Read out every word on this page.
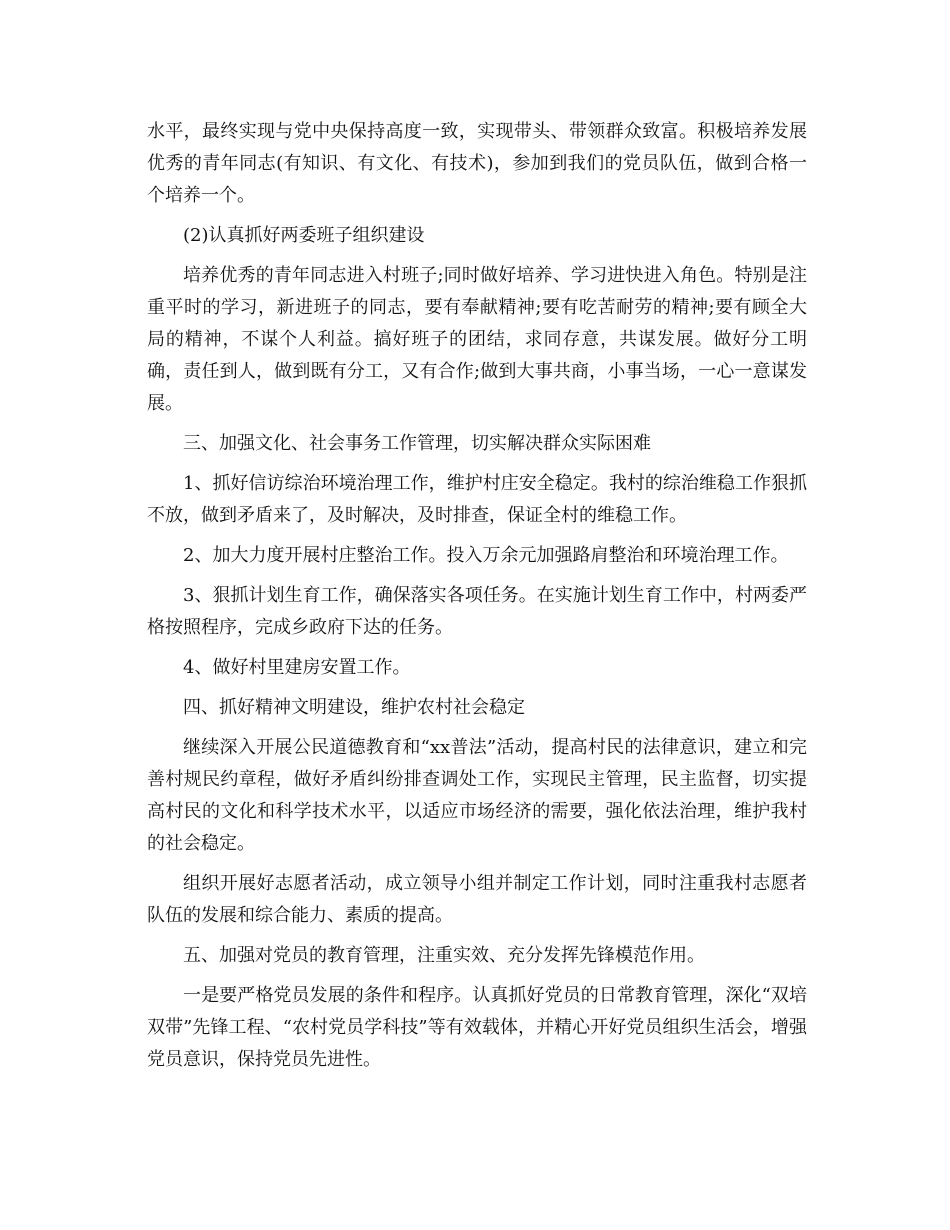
水平，最终实现与党中央保持高度一致，实现带头、带领群众致富。积极培养发展优秀的青年同志(有知识、有文化、有技术)，参加到我们的党员队伍，做到合格一个培养一个。

(2)认真抓好两委班子组织建设

培养优秀的青年同志进入村班子;同时做好培养、学习进快进入角色。特别是注重平时的学习，新进班子的同志，要有奉献精神;要有吃苦耐劳的精神;要有顾全大局的精神，不谋个人利益。搞好班子的团结，求同存意，共谋发展。做好分工明确，责任到人，做到既有分工，又有合作;做到大事共商，小事当场，一心一意谋发展。

三、加强文化、社会事务工作管理，切实解决群众实际困难

1、抓好信访综治环境治理工作，维护村庄安全稳定。我村的综治维稳工作狠抓不放，做到矛盾来了，及时解决，及时排查，保证全村的维稳工作。

2、加大力度开展村庄整治工作。投入万余元加强路肩整治和环境治理工作。

3、狠抓计划生育工作，确保落实各项任务。在实施计划生育工作中，村两委严格按照程序，完成乡政府下达的任务。

4、做好村里建房安置工作。

四、抓好精神文明建设，维护农村社会稳定

继续深入开展公民道德教育和“xx普法”活动，提高村民的法律意识，建立和完善村规民约章程，做好矛盾纠纷排查调处工作，实现民主管理，民主监督，切实提高村民的文化和科学技术水平，以适应市场经济的需要，强化依法治理，维护我村的社会稳定。

组织开展好志愿者活动，成立领导小组并制定工作计划，同时注重我村志愿者队伍的发展和综合能力、素质的提高。

五、加强对党员的教育管理，注重实效、充分发挥先锋模范作用。

一是要严格党员发展的条件和程序。认真抓好党员的日常教育管理，深化“双培双带”先锋工程、“农村党员学科技”等有效载体，并精心开好党员组织生活会，增强党员意识，保持党员先进性。
